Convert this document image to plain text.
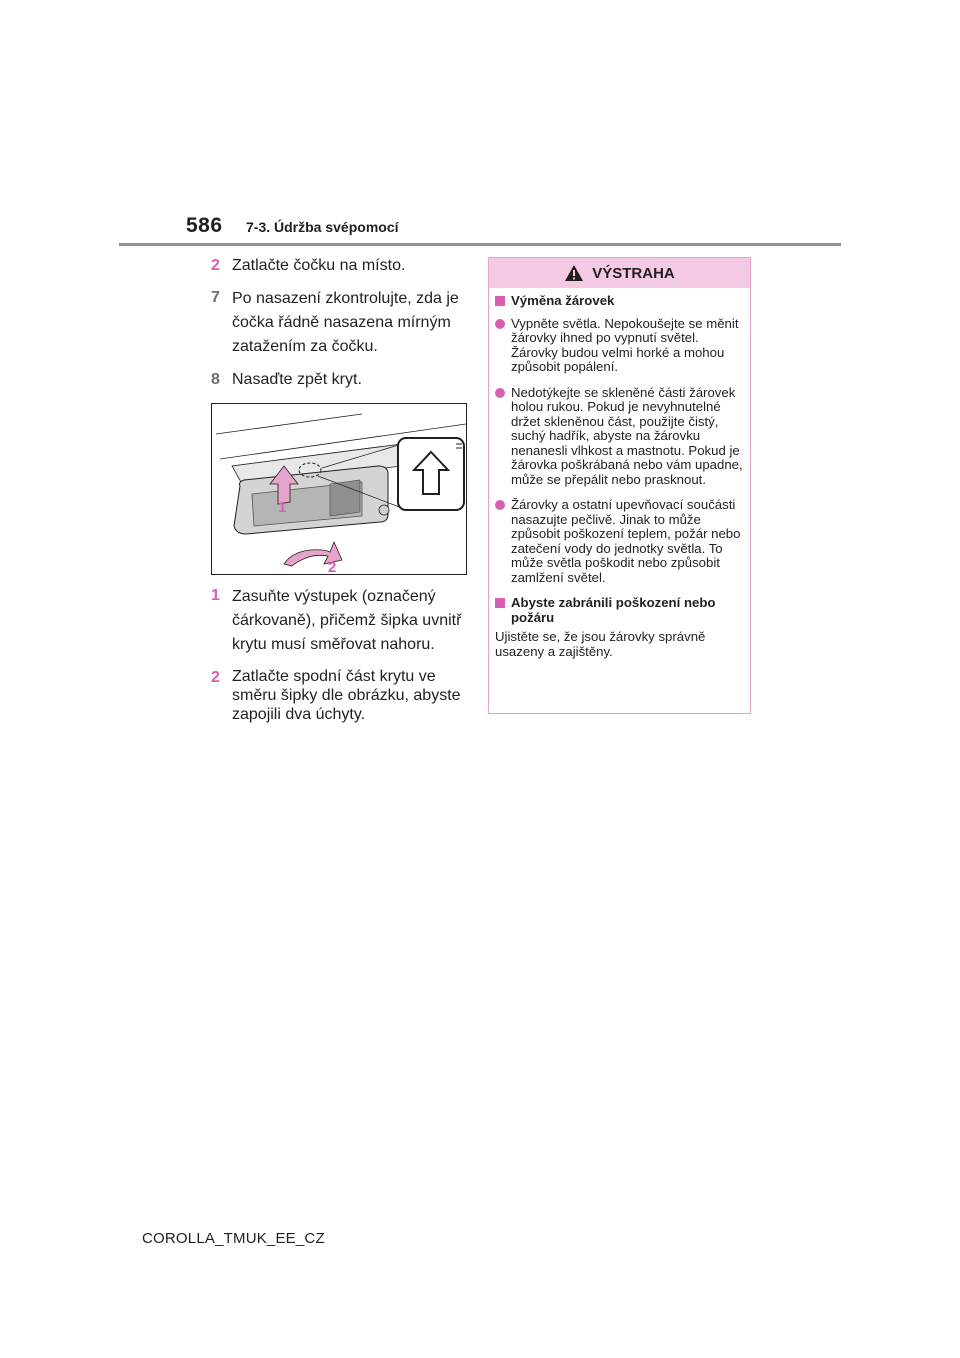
586 7-3. Údržba svépomocí
2 Zatlačte čočku na místo.
7 Po nasazení zkontrolujte, zda je čočka řádně nasazena mírným zatažením za čočku.
8 Nasaďte zpět kryt.
1
2
1 Zasuňte výstupek (označený čárkovaně), přičemž šipka uvnitř krytu musí směřovat nahoru.
2 Zatlačte spodní část krytu ve směru šipky dle obrázku, abyste zapojili dva úchyty.
VÝSTRAHA
Výměna žárovek
Vypněte světla. Nepokoušejte se měnit žárovky ihned po vypnutí světel. Žárovky budou velmi horké a mohou způsobit popálení.
Nedotýkejte se skleněné části žárovek holou rukou. Pokud je nevyhnutelné držet skleněnou část, použijte čistý, suchý hadřík, abyste na žárovku nenanesli vlhkost a mastnotu. Pokud je žárovka poškrábaná nebo vám upadne, může se přepálit nebo prasknout.
Žárovky a ostatní upevňovací součásti nasazujte pečlivě. Jinak to může způsobit poškození teplem, požár nebo zatečení vody do jednotky světla. To může světla poškodit nebo způsobit zamlžení světel.
Abyste zabránili poškození nebo požáru
Ujistěte se, že jsou žárovky správně usazeny a zajištěny.
COROLLA_TMUK_EE_CZ
